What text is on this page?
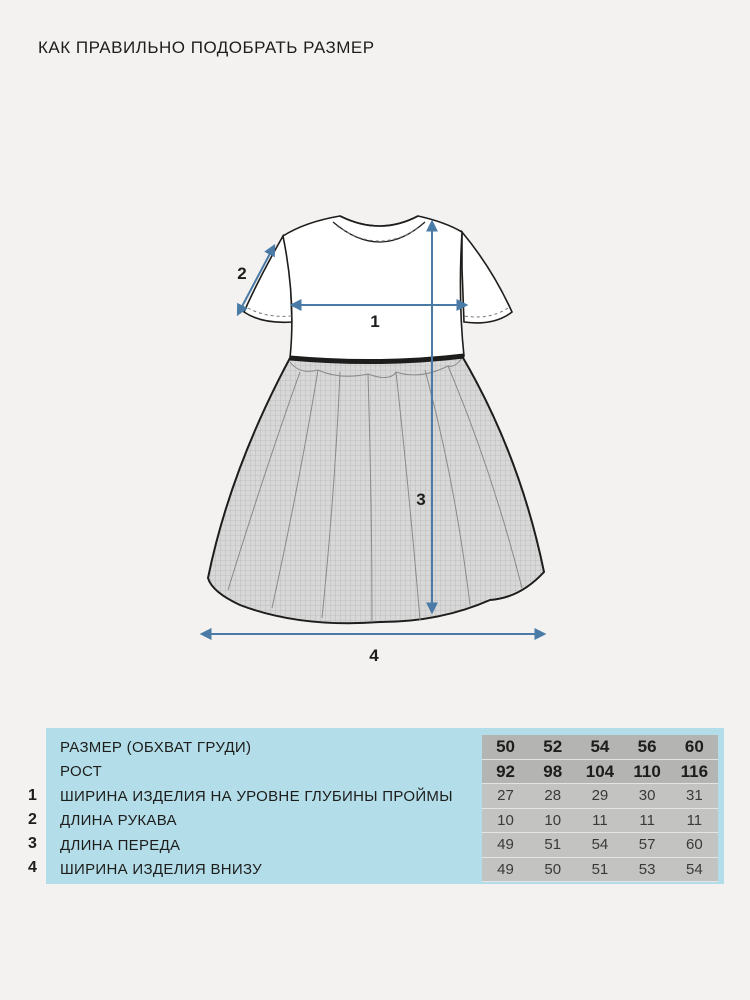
КАК ПРАВИЛЬНО ПОДОБРАТЬ РАЗМЕР
1
2
3
4
РАЗМЕР (ОБХВАТ ГРУДИ)	50	52	54	56	60
РОСТ	92	98	104	110	116
ШИРИНА ИЗДЕЛИЯ НА УРОВНЕ ГЛУБИНЫ ПРОЙМЫ	27	28	29	30	31
ДЛИНА РУКАВА	10	10	11	11	11
ДЛИНА ПЕРЕДА	49	51	54	57	60
ШИРИНА ИЗДЕЛИЯ ВНИЗУ	49	50	51	53	54
1
2
3
4
